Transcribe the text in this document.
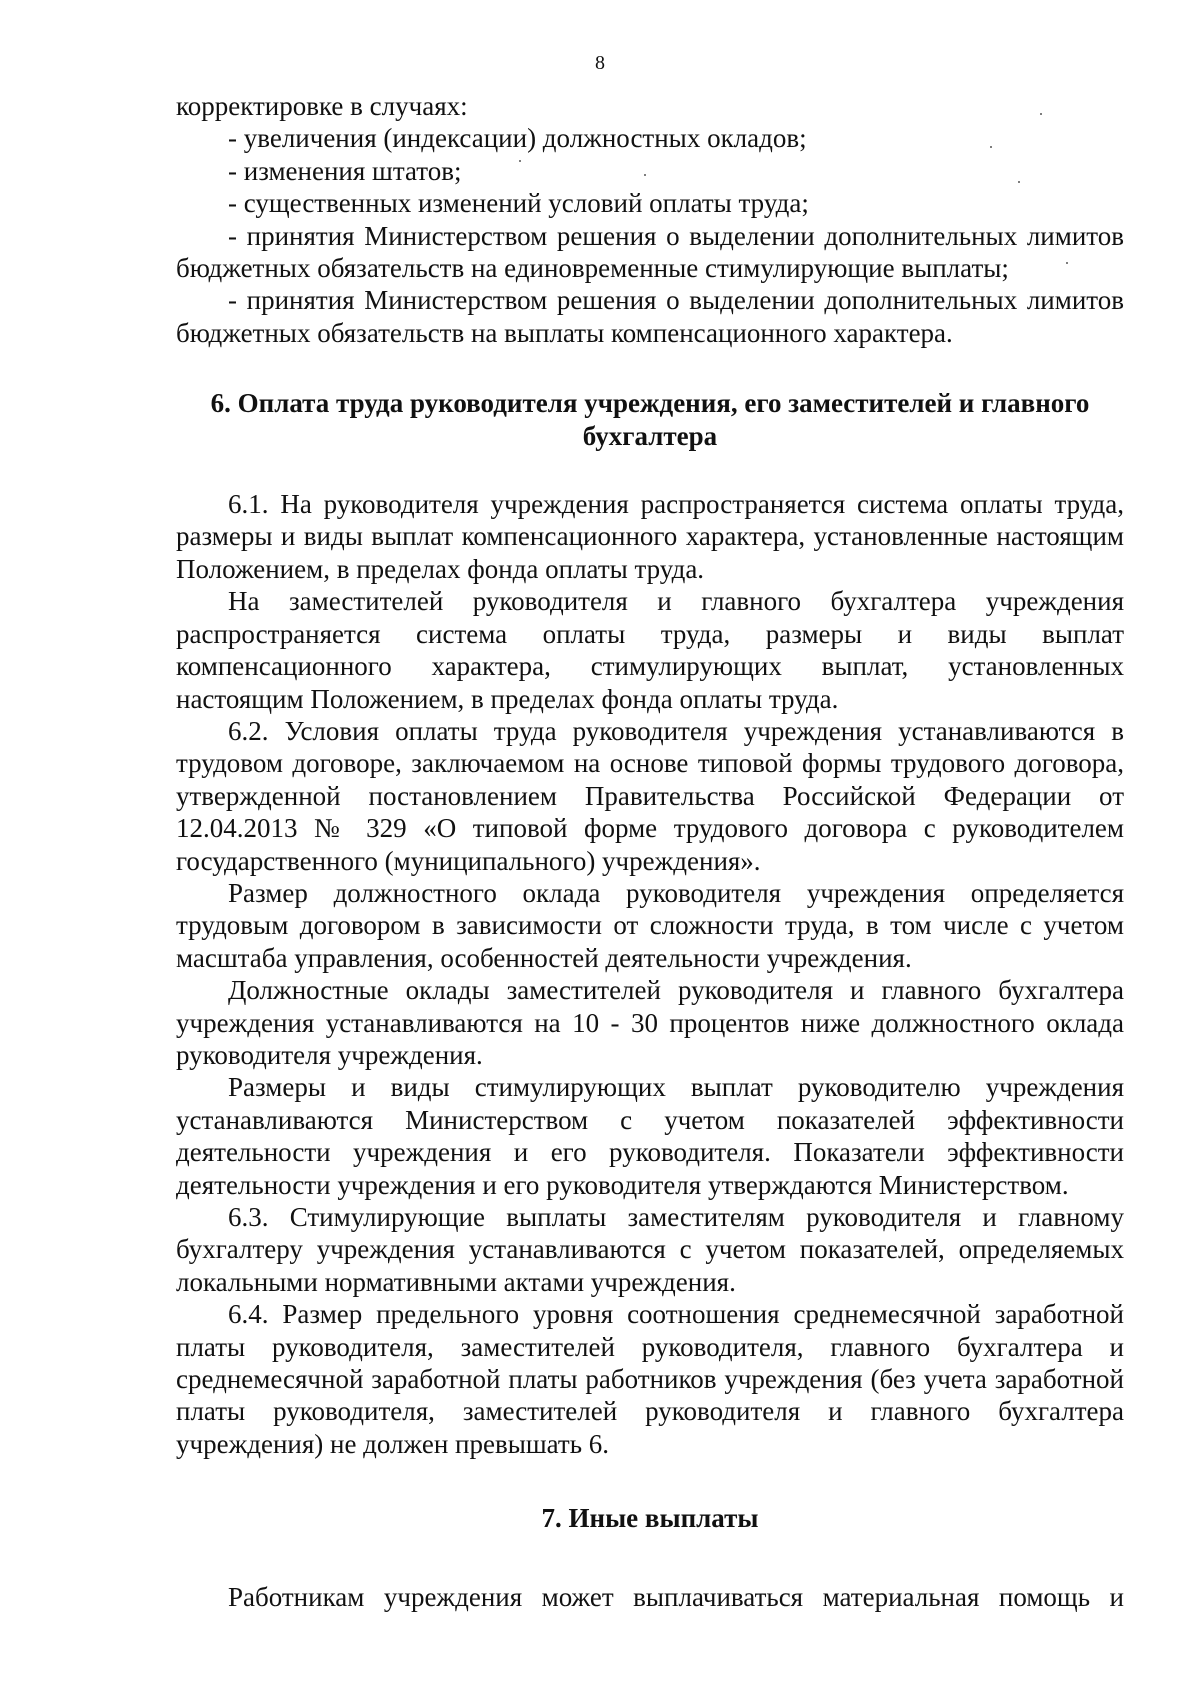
8

корректировке в случаях:

- увеличения (индексации) должностных окладов;

- изменения штатов;

- существенных изменений условий оплаты труда;

- принятия Министерством решения о выделении дополнительных лимитов бюджетных обязательств на единовременные стимулирующие выплаты;

- принятия Министерством решения о выделении дополнительных лимитов бюджетных обязательств на выплаты компенсационного характера.

6. Оплата труда руководителя учреждения, его заместителей и главного бухгалтера

6.1. На руководителя учреждения распространяется система оплаты труда, размеры и виды выплат компенсационного характера, установленные настоящим Положением, в пределах фонда оплаты труда.

На заместителей руководителя и главного бухгалтера учреждения распространяется система оплаты труда, размеры и виды выплат компенсационного характера, стимулирующих выплат, установленных настоящим Положением, в пределах фонда оплаты труда.

6.2. Условия оплаты труда руководителя учреждения устанавливаются в трудовом договоре, заключаемом на основе типовой формы трудового договора, утвержденной постановлением Правительства Российской Федерации от 12.04.2013 № 329 «О типовой форме трудового договора с руководителем государственного (муниципального) учреждения».

Размер должностного оклада руководителя учреждения определяется трудовым договором в зависимости от сложности труда, в том числе с учетом масштаба управления, особенностей деятельности учреждения.

Должностные оклады заместителей руководителя и главного бухгалтера учреждения устанавливаются на 10 - 30 процентов ниже должностного оклада руководителя учреждения.

Размеры и виды стимулирующих выплат руководителю учреждения устанавливаются Министерством с учетом показателей эффективности деятельности учреждения и его руководителя. Показатели эффективности деятельности учреждения и его руководителя утверждаются Министерством.

6.3. Стимулирующие выплаты заместителям руководителя и главному бухгалтеру учреждения устанавливаются с учетом показателей, определяемых локальными нормативными актами учреждения.

6.4. Размер предельного уровня соотношения среднемесячной заработной платы руководителя, заместителей руководителя, главного бухгалтера и среднемесячной заработной платы работников учреждения (без учета заработной платы руководителя, заместителей руководителя и главного бухгалтера учреждения) не должен превышать 6.

7. Иные выплаты

Работникам учреждения может выплачиваться материальная помощь и
